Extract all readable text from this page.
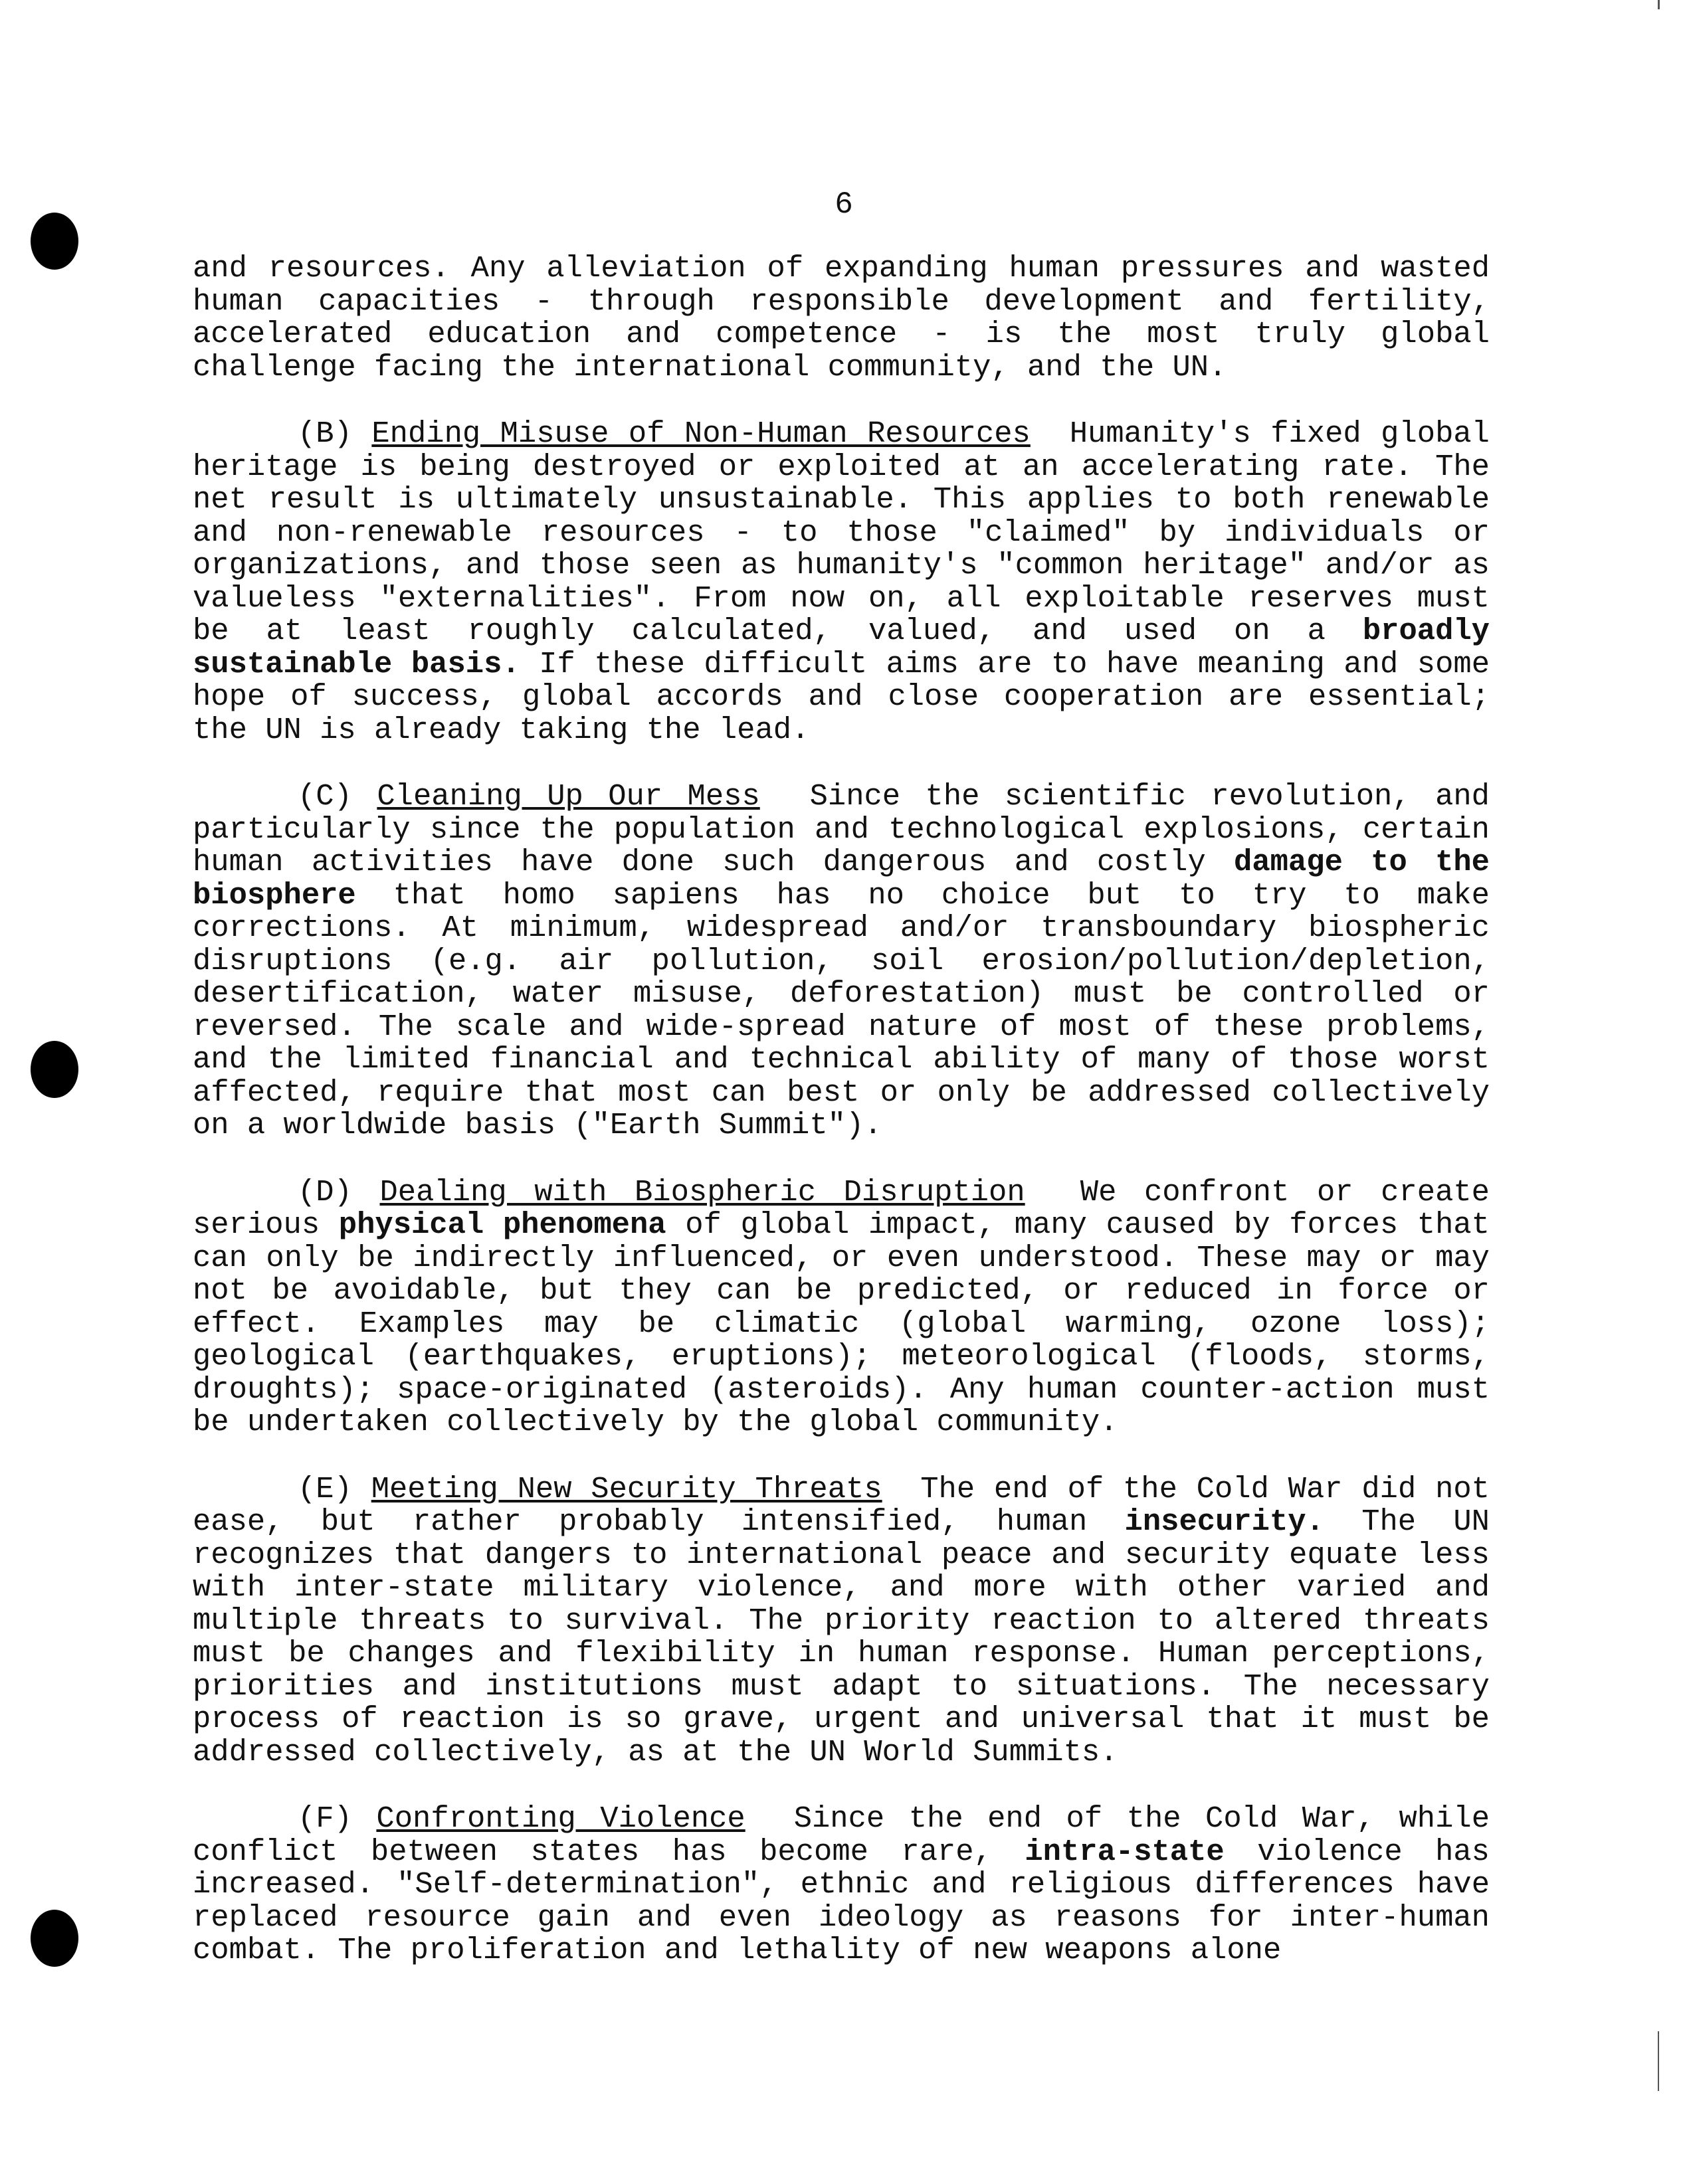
6

and resources. Any alleviation of expanding human pressures and wasted human capacities - through responsible development and fertility, accelerated education and competence - is the most truly global challenge facing the international community, and the UN.

(B) Ending Misuse of Non-Human Resources Humanity's fixed global heritage is being destroyed or exploited at an accelerating rate. The net result is ultimately unsustainable. This applies to both renewable and non-renewable resources - to those "claimed" by individuals or organizations, and those seen as humanity's "common heritage" and/or as valueless "externalities". From now on, all exploitable reserves must be at least roughly calculated, valued, and used on a broadly sustainable basis. If these difficult aims are to have meaning and some hope of success, global accords and close cooperation are essential; the UN is already taking the lead.

(C) Cleaning Up Our Mess Since the scientific revolution, and particularly since the population and technological explosions, certain human activities have done such dangerous and costly damage to the biosphere that homo sapiens has no choice but to try to make corrections. At minimum, widespread and/or transboundary biospheric disruptions (e.g. air pollution, soil erosion/pollution/depletion, desertification, water misuse, deforestation) must be controlled or reversed. The scale and wide-spread nature of most of these problems, and the limited financial and technical ability of many of those worst affected, require that most can best or only be addressed collectively on a worldwide basis ("Earth Summit").

(D) Dealing with Biospheric Disruption We confront or create serious physical phenomena of global impact, many caused by forces that can only be indirectly influenced, or even understood. These may or may not be avoidable, but they can be predicted, or reduced in force or effect. Examples may be climatic (global warming, ozone loss); geological (earthquakes, eruptions); meteorological (floods, storms, droughts); space-originated (asteroids). Any human counter-action must be undertaken collectively by the global community.

(E) Meeting New Security Threats The end of the Cold War did not ease, but rather probably intensified, human insecurity. The UN recognizes that dangers to international peace and security equate less with inter-state military violence, and more with other varied and multiple threats to survival. The priority reaction to altered threats must be changes and flexibility in human response. Human perceptions, priorities and institutions must adapt to situations. The necessary process of reaction is so grave, urgent and universal that it must be addressed collectively, as at the UN World Summits.

(F) Confronting Violence Since the end of the Cold War, while conflict between states has become rare, intra-state violence has increased. "Self-determination", ethnic and religious differences have replaced resource gain and even ideology as reasons for inter-human combat. The proliferation and lethality of new weapons alone
